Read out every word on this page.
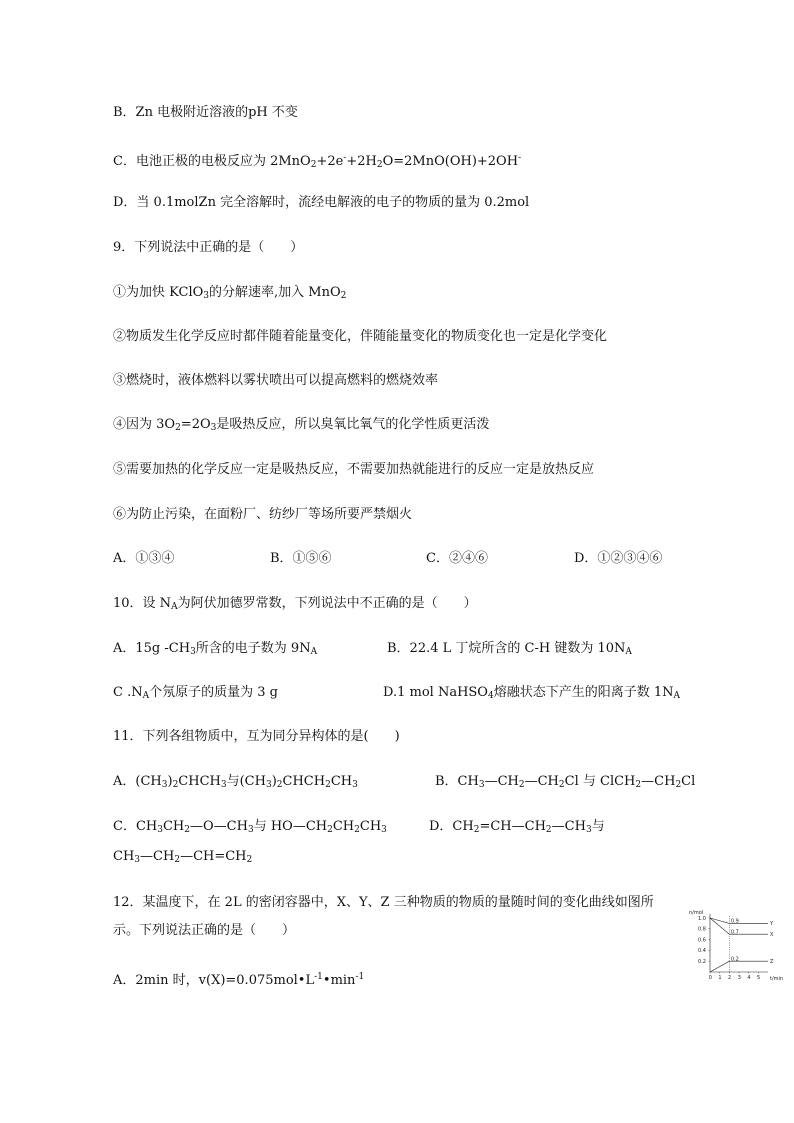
B．Zn 电极附近溶液的pH 不变
C．电池正极的电极反应为 $2MnO_2+2e^-+2H_2O=2MnO(OH)+2OH^-$
D．当 0.1molZn 完全溶解时，流经电解液的电子的物质的量为 0.2mol
9．下列说法中正确的是（　　）
①为加快 KClO$_3$的分解速率,加入 MnO$_2$
②物质发生化学反应时都伴随着能量变化，伴随能量变化的物质变化也一定是化学变化
③燃烧时，液体燃料以雾状喷出可以提高燃料的燃烧效率
④因为 $3O_2=2O_3$是吸热反应，所以臭氧比氧气的化学性质更活泼
⑤需要加热的化学反应一定是吸热反应，不需要加热就能进行的反应一定是放热反应
⑥为防止污染，在面粉厂、纺纱厂等场所要严禁烟火
A．①③④	B．①⑤⑥	C．②④⑥	D．①②③④⑥
10．设 $N_A$为阿伏加德罗常数，下列说法中不正确的是（　　）
A．15g $-CH_3$所含的电子数为 $9N_A$	B．22.4 L 丁烷所含的 C-H 键数为 $10N_A$
C $.N_A$个氖原子的质量为 3 g	D.1 mol NaHSO$_4$熔融状态下产生的阳离子数 $1N_A$
11．下列各组物质中，互为同分异构体的是(　　)
A．$(CH_3)_2CHCH_3$与$(CH_3)_2CHCH_2CH_3$	B．$CH_3—CH_2—CH_2Cl$ 与 $ClCH_2—CH_2Cl$
C．$CH_3CH_2—O—CH_3$与 $HO—CH_2CH_2CH_3$	D．$CH_2=CH—CH_2—CH_3$与
$CH_3—CH_2—CH=CH_2$
12．某温度下，在 2L 的密闭容器中，X、Y、Z 三种物质的物质的量随时间的变化曲线如图所
示。下列说法正确的是（　　）
A．2min 时，$v(X)=0.075mol•L^{-1}•\min^{-1}$
n/mol
t/min
1.0
0.8
0.6
0.4
0.2
0 1 2 3 4 5
Y
0.9
X
0.7
Z
0.2
